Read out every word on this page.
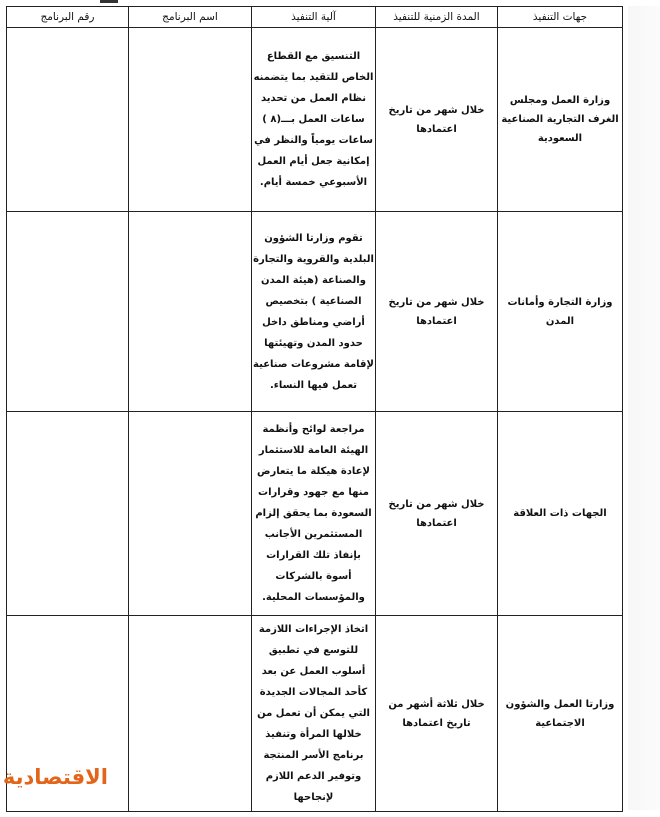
جهات التنفيذ	المدة الزمنية للتنفيذ	آلية التنفيذ	اسم البرنامج	رقم البرنامج
وزارة العمل ومجلس الغرف التجارية الصناعية السعودية	خلال شهر من تاريخ اعتمادها	التنسيق مع القطاع الخاص للتقيد بما يتضمنه نظام العمل من تحديد ساعات العمل بـــ(٨ ) ساعات يومياً والنظر في إمكانية جعل أيام العمل الأسبوعي خمسة أيام.		
وزارة التجارة وأمانات المدن	خلال شهر من تاريخ اعتمادها	تقوم وزارتا الشؤون البلدية والقروية والتجارة والصناعة (هيئة المدن الصناعية ) بتخصيص أراضي ومناطق داخل حدود المدن وتهيئتها لإقامة مشروعات صناعية تعمل فيها النساء.		
الجهات ذات العلاقة	خلال شهر من تاريخ اعتمادها	مراجعة لوائح وأنظمة الهيئة العامة للاستثمار لإعادة هيكلة ما يتعارض منها مع جهود وقرارات السعودة بما يحقق إلزام المستثمرين الأجانب بإنفاذ تلك القرارات أسوة بالشركات والمؤسسات المحلية.		
وزارتا العمل والشؤون الاجتماعية	خلال ثلاثة أشهر من تاريخ اعتمادها	اتخاذ الإجراءات اللازمة للتوسع في تطبيق أسلوب العمل عن بعد كأحد المجالات الجديدة التي يمكن أن تعمل من خلالها المرأة وتنفيذ برنامج الأسر المنتجة وتوفير الدعم اللازم لإنجاحها		
الاقتصادية
